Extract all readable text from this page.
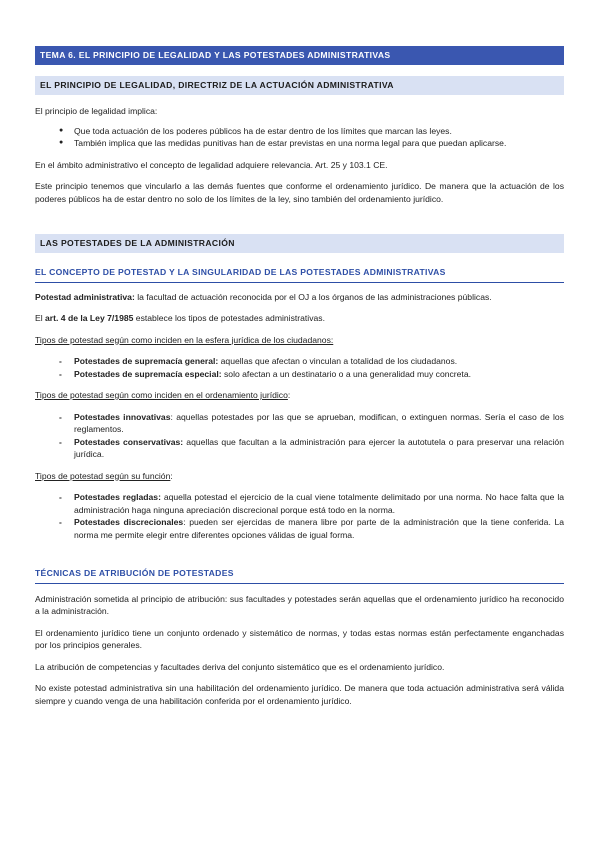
TEMA 6. EL PRINCIPIO DE LEGALIDAD Y LAS POTESTADES ADMINISTRATIVAS
EL PRINCIPIO DE LEGALIDAD, DIRECTRIZ DE LA ACTUACIÓN ADMINISTRATIVA

El principio de legalidad implica:

● Que toda actuación de los poderes públicos ha de estar dentro de los límites que marcan las leyes.
● También implica que las medidas punitivas han de estar previstas en una norma legal para que puedan aplicarse.

En el ámbito administrativo el concepto de legalidad adquiere relevancia. Art. 25 y 103.1 CE.

Este principio tenemos que vincularlo a las demás fuentes que conforme el ordenamiento jurídico. De manera que la actuación de los poderes públicos ha de estar dentro no solo de los límites de la ley, sino también del ordenamiento jurídico.

LAS POTESTADES DE LA ADMINISTRACIÓN
EL CONCEPTO DE POTESTAD Y LA SINGULARIDAD DE LAS POTESTADES ADMINISTRATIVAS

Potestad administrativa: la facultad de actuación reconocida por el OJ a los órganos de las administraciones públicas.

El art. 4 de la Ley 7/1985 establece los tipos de potestades administrativas.

Tipos de potestad según como inciden en la esfera jurídica de los ciudadanos:

- Potestades de supremacía general: aquellas que afectan o vinculan a totalidad de los ciudadanos.
- Potestades de supremacía especial: solo afectan a un destinatario o a una generalidad muy concreta.

Tipos de potestad según como inciden en el ordenamiento jurídico:

- Potestades innovativas: aquellas potestades por las que se aprueban, modifican, o extinguen normas. Sería el caso de los reglamentos.
- Potestades conservativas: aquellas que facultan a la administración para ejercer la autotutela o para preservar una relación jurídica.

Tipos de potestad según su función:

- Potestades regladas: aquella potestad el ejercicio de la cual viene totalmente delimitado por una norma. No hace falta que la administración haga ninguna apreciación discrecional porque está todo en la norma.
- Potestades discrecionales: pueden ser ejercidas de manera libre por parte de la administración que la tiene conferida. La norma me permite elegir entre diferentes opciones válidas de igual forma.
TÉCNICAS DE ATRIBUCIÓN DE POTESTADES

Administración sometida al principio de atribución: sus facultades y potestades serán aquellas que el ordenamiento jurídico ha reconocido a la administración.

El ordenamiento jurídico tiene un conjunto ordenado y sistemático de normas, y todas estas normas están perfectamente enganchadas por los principios generales.

La atribución de competencias y facultades deriva del conjunto sistemático que es el ordenamiento jurídico.

No existe potestad administrativa sin una habilitación del ordenamiento jurídico. De manera que toda actuación administrativa será válida siempre y cuando venga de una habilitación conferida por el ordenamiento jurídico.
